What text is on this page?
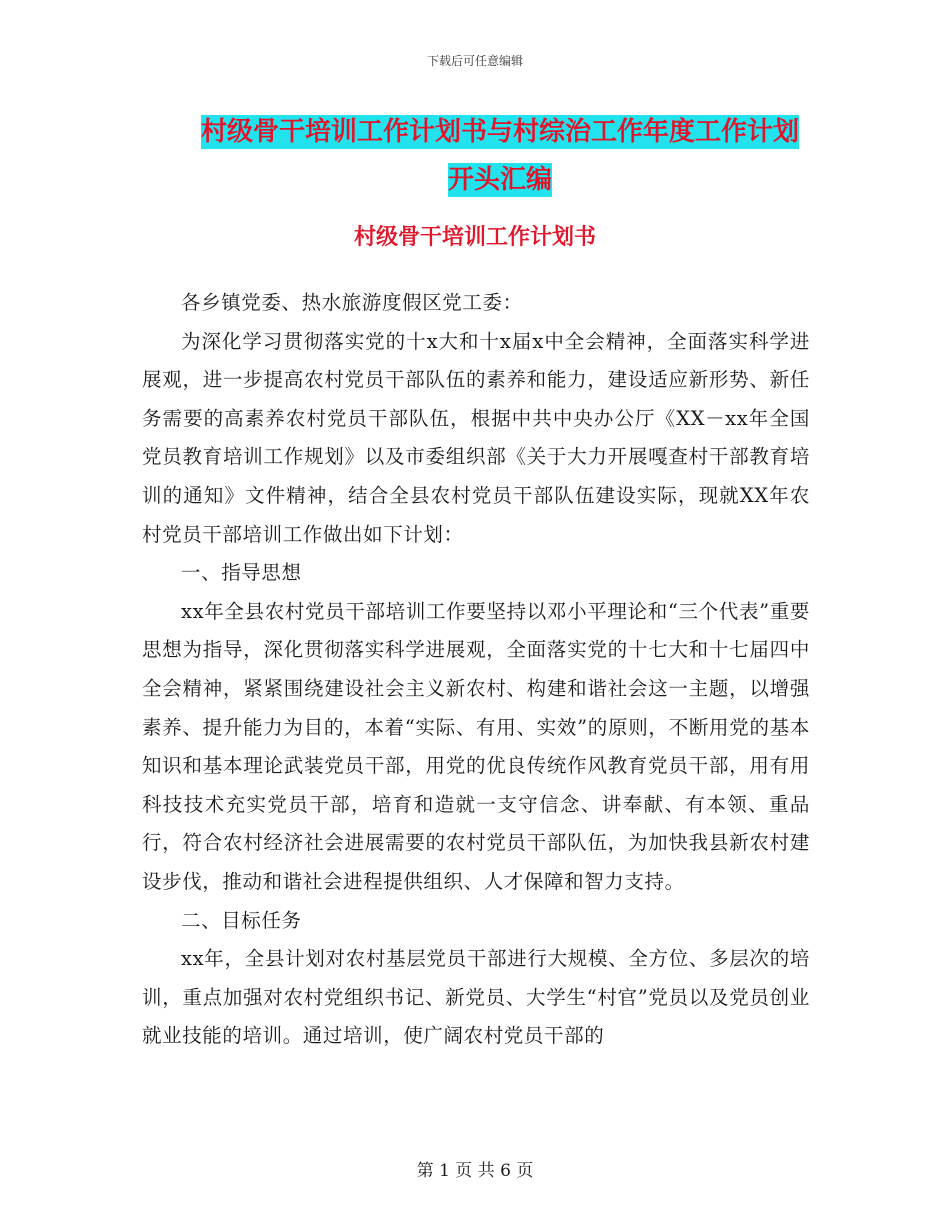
下载后可任意编辑
村级骨干培训工作计划书与村综治工作年度工作计划
开头汇编
村级骨干培训工作计划书

各乡镇党委、热水旅游度假区党工委：

为深化学习贯彻落实党的十x大和十x届x中全会精神，全面落实科学进展观，进一步提高农村党员干部队伍的素养和能力，建设适应新形势、新任务需要的高素养农村党员干部队伍，根据中共中央办公厅《XX－xx年全国党员教育培训工作规划》以及市委组织部《关于大力开展嘎查村干部教育培训的通知》文件精神，结合全县农村党员干部队伍建设实际，现就XX年农村党员干部培训工作做出如下计划：

一、指导思想

xx年全县农村党员干部培训工作要坚持以邓小平理论和“三个代表”重要思想为指导，深化贯彻落实科学进展观，全面落实党的十七大和十七届四中全会精神，紧紧围绕建设社会主义新农村、构建和谐社会这一主题，以增强素养、提升能力为目的，本着“实际、有用、实效”的原则，不断用党的基本知识和基本理论武装党员干部，用党的优良传统作风教育党员干部，用有用科技技术充实党员干部，培育和造就一支守信念、讲奉献、有本领、重品行，符合农村经济社会进展需要的农村党员干部队伍，为加快我县新农村建设步伐，推动和谐社会进程提供组织、人才保障和智力支持。

二、目标任务

xx年，全县计划对农村基层党员干部进行大规模、全方位、多层次的培训，重点加强对农村党组织书记、新党员、大学生“村官”党员以及党员创业就业技能的培训。通过培训，使广阔农村党员干部的

第 1 页 共 6 页
